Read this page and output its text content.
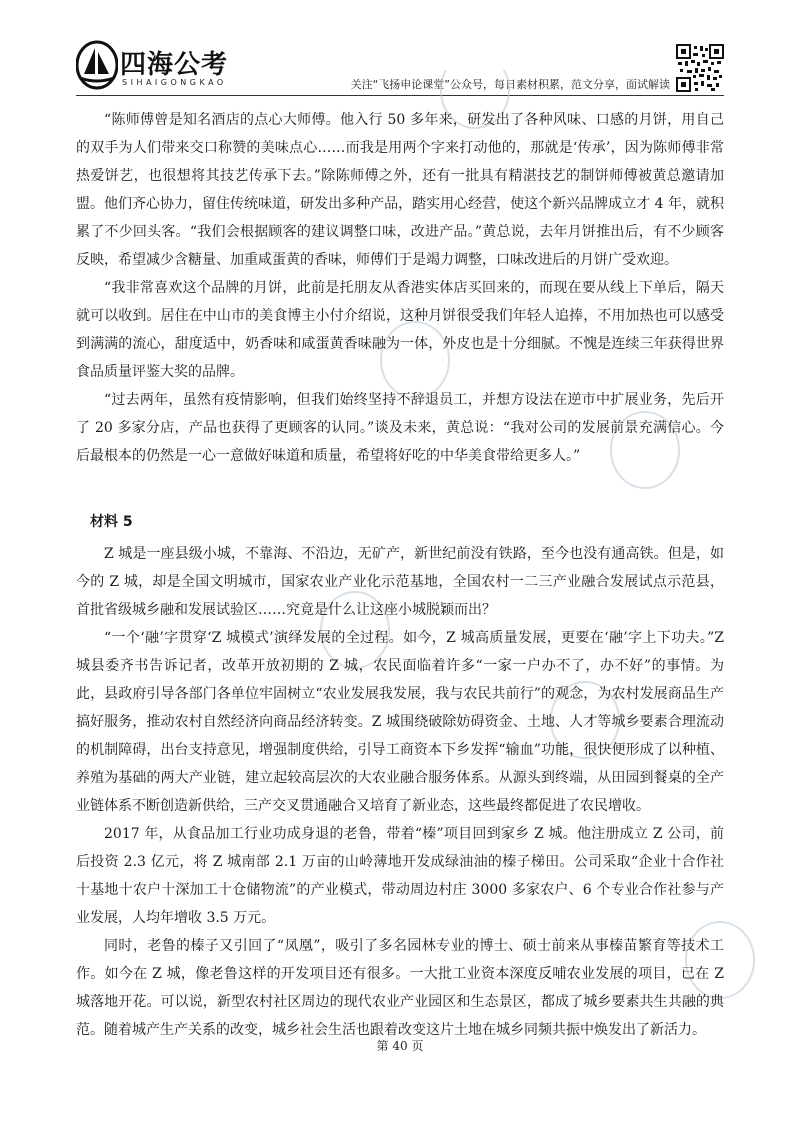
四海公考
SIHAIGONGKAO	关注“飞扬申论课堂”公众号，每日素材积累，范文分享，面试解读

“陈师傅曾是知名酒店的点心大师傅。他入行 50 多年来，研发出了各种风味、口感的月饼，用自己的双手为人们带来交口称赞的美味点心……而我是用两个字来打动他的，那就是‘传承’，因为陈师傅非常热爱饼艺，也很想将其技艺传承下去。”除陈师傅之外，还有一批具有精湛技艺的制饼师傅被黄总邀请加盟。他们齐心协力，留住传统味道，研发出多种产品，踏实用心经营，使这个新兴品牌成立才 4 年，就积累了不少回头客。“我们会根据顾客的建议调整口味，改进产品。”黄总说，去年月饼推出后，有不少顾客反映，希望减少含糖量、加重咸蛋黄的香味，师傅们于是竭力调整，口味改进后的月饼广受欢迎。

“我非常喜欢这个品牌的月饼，此前是托朋友从香港实体店买回来的，而现在要从线上下单后，隔天就可以收到。居住在中山市的美食博主小付介绍说，这种月饼很受我们年轻人追捧，不用加热也可以感受到满满的流心，甜度适中，奶香味和咸蛋黄香味融为一体，外皮也是十分细腻。不愧是连续三年获得世界食品质量评鉴大奖的品牌。

“过去两年，虽然有疫情影响，但我们始终坚持不辞退员工，并想方设法在逆市中扩展业务，先后开了 20 多家分店，产品也获得了更顾客的认同。”谈及未来，黄总说：“我对公司的发展前景充满信心。今后最根本的仍然是一心一意做好味道和质量，希望将好吃的中华美食带给更多人。”

材料 5

Z 城是一座县级小城，不靠海、不沿边，无矿产，新世纪前没有铁路，至今也没有通高铁。但是，如今的 Z 城，却是全国文明城市，国家农业产业化示范基地，全国农村一二三产业融合发展试点示范县，首批省级城乡融和发展试验区……究竟是什么让这座小城脱颖而出？

“一个‘融’字贯穿‘Z 城模式’演绎发展的全过程。如今，Z 城高质量发展，更要在‘融’字上下功夫。”Z 城县委齐书告诉记者，改革开放初期的 Z 城，农民面临着许多“一家一户办不了，办不好”的事情。为此，县政府引导各部门各单位牢固树立“农业发展我发展，我与农民共前行”的观念，为农村发展商品生产搞好服务，推动农村自然经济向商品经济转变。Z 城围绕破除妨碍资金、土地、人才等城乡要素合理流动的机制障碍，出台支持意见，增强制度供给，引导工商资本下乡发挥“输血”功能，很快便形成了以种植、养殖为基础的两大产业链，建立起较高层次的大农业融合服务体系。从源头到终端，从田园到餐桌的全产业链体系不断创造新供给，三产交叉贯通融合又培育了新业态，这些最终都促进了农民增收。

2017 年，从食品加工行业功成身退的老鲁，带着“榛”项目回到家乡 Z 城。他注册成立 Z 公司，前后投资 2.3 亿元，将 Z 城南部 2.1 万亩的山岭薄地开发成绿油油的榛子梯田。公司采取“企业十合作社十基地十农户十深加工十仓储物流”的产业模式，带动周边村庄 3000 多家农户、6 个专业合作社参与产业发展，人均年增收 3.5 万元。

同时，老鲁的榛子又引回了“凤凰”，吸引了多名园林专业的博士、硕士前来从事榛苗繁育等技术工作。如今在 Z 城，像老鲁这样的开发项目还有很多。一大批工业资本深度反哺农业发展的项目，已在 Z 城落地开花。可以说，新型农村社区周边的现代农业产业园区和生态景区，都成了城乡要素共生共融的典范。随着城产生产关系的改变，城乡社会生活也跟着改变这片土地在城乡同频共振中焕发出了新活力。

第 40 页
